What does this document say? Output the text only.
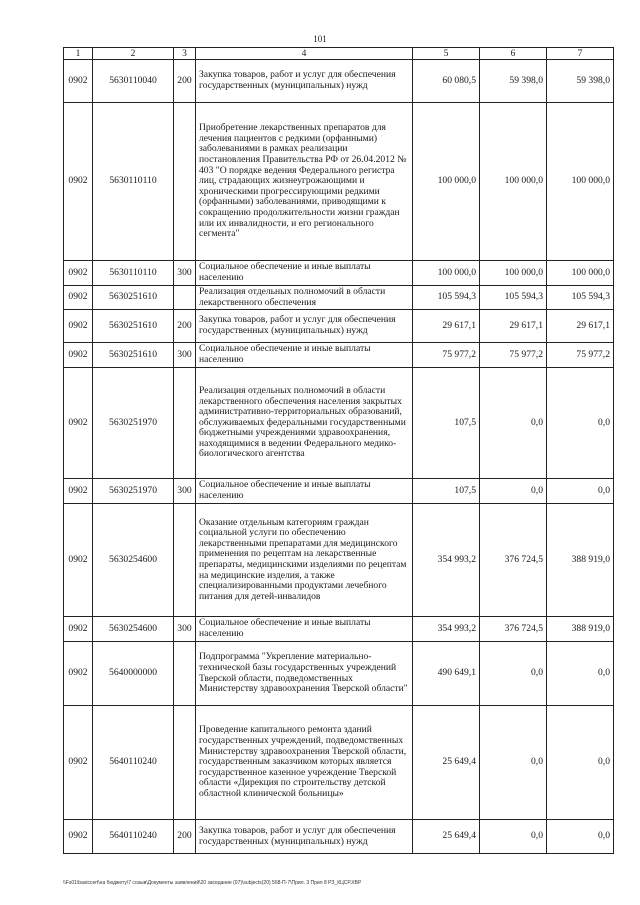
101
1	2	3	4	5	6	7
0902	5630110040	200	Закупка товаров, работ и услуг для обеспечения государственных (муниципальных) нужд	60 080,5	59 398,0	59 398,0
0902	5630110110		Приобретение лекарственных препаратов для лечения пациентов с редкими (орфанными) заболеваниями в рамках реализации постановления Правительства РФ от 26.04.2012 № 403 "О порядке ведения Федерального регистра лиц, страдающих жизнеугрожающими и хроническими прогрессирующими редкими (орфанными) заболеваниями, приводящими к сокращению продолжительности жизни граждан или их инвалидности, и его регионального сегмента"	100 000,0	100 000,0	100 000,0
0902	5630110110	300	Социальное обеспечение и иные выплаты населению	100 000,0	100 000,0	100 000,0
0902	5630251610		Реализация отдельных полномочий в области лекарственного обеспечения	105 594,3	105 594,3	105 594,3
0902	5630251610	200	Закупка товаров, работ и услуг для обеспечения государственных (муниципальных) нужд	29 617,1	29 617,1	29 617,1
0902	5630251610	300	Социальное обеспечение и иные выплаты населению	75 977,2	75 977,2	75 977,2
0902	5630251970		Реализация отдельных полномочий в области лекарственного обеспечения населения закрытых административно-территориальных образований, обслуживаемых федеральными государственными бюджетными учреждениями здравоохранения, находящимися в ведении Федерального медико-биологического агентства	107,5	0,0	0,0
0902	5630251970	300	Социальное обеспечение и иные выплаты населению	107,5	0,0	0,0
0902	5630254600		Оказание отдельным категориям граждан социальной услуги по обеспечению лекарственными препаратами для медицинского применения по рецептам на лекарственные препараты, медицинскими изделиями по рецептам на медицинские изделия, а также специализированными продуктами лечебного питания для детей-инвалидов	354 993,2	376 724,5	388 919,0
0902	5630254600	300	Социальное обеспечение и иные выплаты населению	354 993,2	376 724,5	388 919,0
0902	5640000000		Подпрограмма "Укрепление материально-технической базы государственных учреждений Тверской области, подведомственных Министерству здравоохранения Тверской области"	490 649,1	0,0	0,0
0902	5640110240		Проведение капитального ремонта зданий государственных учреждений, подведомственных Министерству здравоохранения Тверской области, государственным заказчиком которых является государственное казенное учреждение Тверской области «Дирекция по строительству детской областной клинической больницы»	25 649,4	0,0	0,0
0902	5640110240	200	Закупка товаров, работ и услуг для обеспечения государственных (муниципальных) нужд	25 649,4	0,0	0,0
\\Fs01\basiccert\на бюджету\7 созыв\Документы заявлений\20 заседание (07)\subjects(20) 568-П-7\Прил. 3 Прил 8 РЗ_КЦСР.XBP
